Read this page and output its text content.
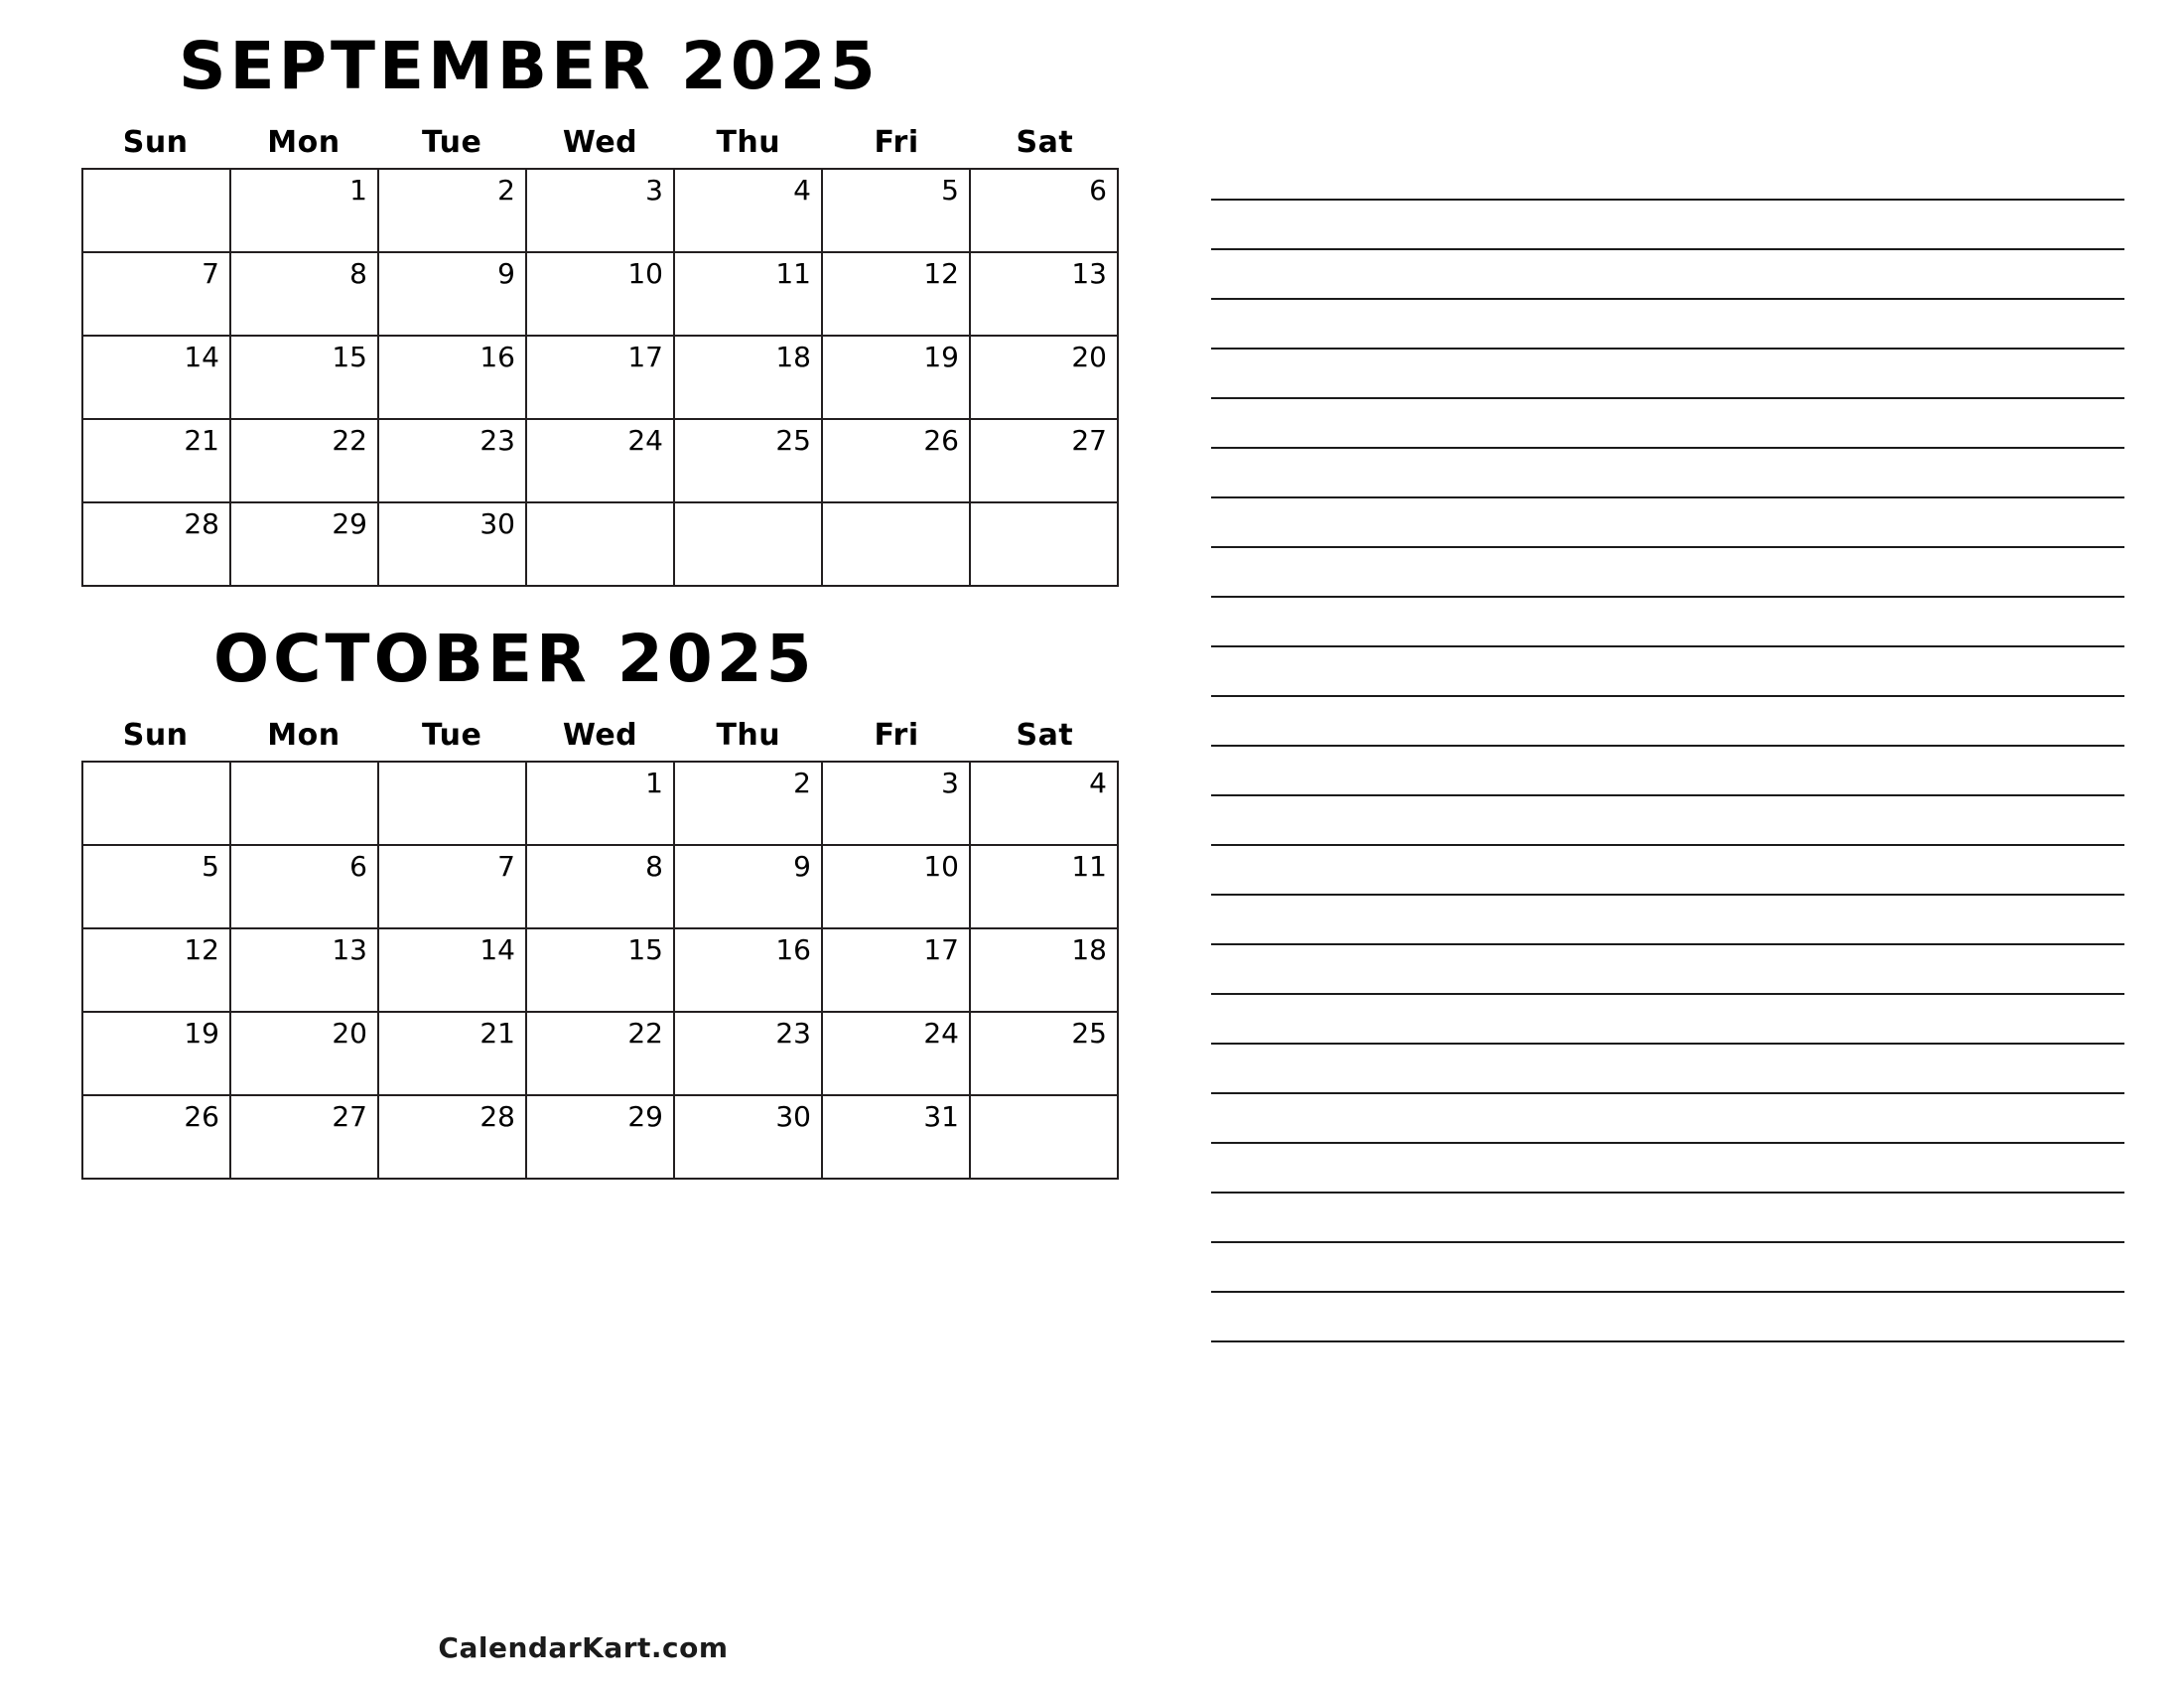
SEPTEMBER 2025
Sun	Mon	Tue	Wed	Thu	Fri	Sat
	1	2	3	4	5	6
7	8	9	10	11	12	13
14	15	16	17	18	19	20
21	22	23	24	25	26	27
28	29	30				
OCTOBER 2025
Sun	Mon	Tue	Wed	Thu	Fri	Sat
			1	2	3	4
5	6	7	8	9	10	11
12	13	14	15	16	17	18
19	20	21	22	23	24	25
26	27	28	29	30	31	
CalendarKart.com
